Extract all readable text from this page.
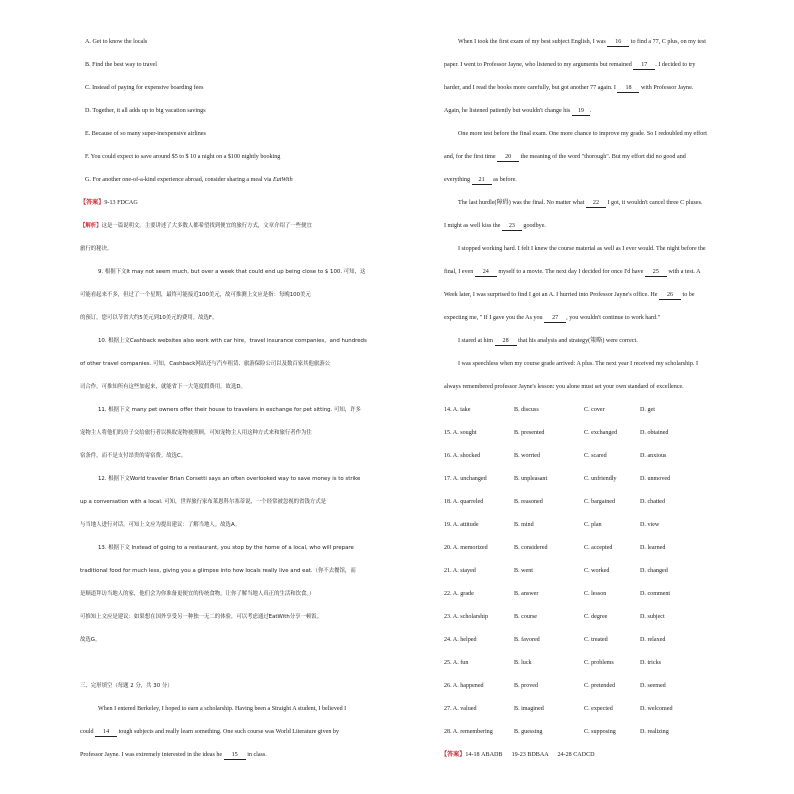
A. Get to know the locals
B. Find the best way to travel
C. Instead of paying for expensive boarding fees
D. Together, it all adds up to big vacation savings
E. Because of so many super-inexpensive airlines
F. You could expect to save around $5 to $ 10 a night on a $100 nightly booking
G. For another one-of-a-kind experience abroad, consider sharing a meal via EatWith
【答案】9-13 FDCAG
【解析】这是一篇说明文。主要讲述了大多数人都希望找到便宜的旅行方式，文章介绍了一些便宜
旅行的秘诀。
9. 根据下文It may not seem much, but over a week that could end up being close to $ 100. 可知，这
可能看起来不多，但过了一个星期，最终可能接近100美元，故可推测上文应是指：每晚100美元
的预订，您可以节省大约5美元到10美元的费用。故选F。
10. 根据上文Cashback websites also work with car hire，travel insurance companies，and hundreds
of other travel companies. 可知，Cashback网站还与汽车租赁、旅游保险公司以及数百家其他旅游公
司合作，可推知所有这些加起来，就能省下一大笔度假费用。故选D。
11. 根据下文 many pet owners offer their house to travelers in exchange for pet sitting. 可知，许多
宠物主人将他们的房子交给旅行者以换取宠物被照顾，可知宠物主人用这种方式来和旅行者作为住
宿条件，而不是支付昂贵的寄宿费。故选C。
12. 根据下文World traveler Brian Corsetti says an often overlooked way to save money is to strike
up a conversation with a local. 可知，世界旅行家布莱恩科尔塞蒂说，一个经常被忽视的省钱方式是
与当地人进行对话。可知上文应为提出建议：了解当地人。故选A。
13. 根据下文 Instead of going to a restaurant, you stop by the home of a local, who will prepare
traditional food for much less, giving you a glimpse into how locals really live and eat.（你不去餐馆，而
是顺道拜访当地人的家，他们会为你准备更便宜的传统食物，让你了解当地人真正的生活和饮食。）
可推知上文应是建议：如果想在国外享受另一种独一无二的体验，可以考虑通过EatWith分享一顿饭。
故选G。
三、完形填空（每题 2 分，共 30 分）
When I entered Berkeley, I hoped to earn a scholarship. Having been a Straight A student, I believed I
could 14 tough subjects and really learn something. One such course was World Literature given by
Professor Jayne. I was extremely interested in the ideas he 15 in class.
When I took the first exam of my best subject English, I was 16 to find a 77, C plus, on my test
paper. I went to Professor Jayne, who listened to my arguments but remained 17 . I decided to try
harder, and I read the books more carefully, but got another 77 again. I 18 with Professor Jayne.
Again, he listened patiently but wouldn't change his 19 .
One more test before the final exam. One more chance to improve my grade. So I redoubled my effort
and, for the first time 20 the meaning of the word "thorough". But my effort did no good and
everything 21 as before.
The last hurdle(障碍) was the final. No matter what 22 I got, it wouldn't cancel three C pluses.
I might as well kiss the 23 goodbye.
I stopped working hard. I felt I knew the course material as well as I ever would. The night before the
final, I even 24 myself to a movie. The next day I decided for once I'd have 25 with a test. A
Week later, I was surprised to find I got an A. I hurried into Professor Jayne's office. He 26 to be
expecting me, " If I gave you the As you 27 , you wouldn't continue to work hard."
I stared at him 28 that his analysis and strategy(策略) were correct.
I was speechless when my course grade arrived: A plus. The next year I received my scholarship. I
always remembered professor Jayne's lesson: you alone must set your own standard of excellence.
14. A. take	B. discuss	C. cover	D. get
15. A. sought	B. presented	C. exchanged	D. obtained
16. A. shocked	B. worried	C. scared	D. anxious
17. A. unchanged	B. unpleasant	C. unfriendly	D. unmoved
18. A. quarreled	B. reasoned	C. bargained	D. chatted
19. A. attitude	B. mind	C. plan	D. view
20. A. memorized	B. considered	C. accepted	D. learned
21. A. stayed	B. went	C. worked	D. changed
22. A. grade	B. answer	C. lesson	D. comment
23. A. scholarship	B. course	C. degree	D. subject
24. A. helped	B. favored	C. treated	D. relaxed
25. A. fun	B. luck	C. problems	D. tricks
26. A. happened	B. proved	C. pretended	D. seemed
27. A. valued	B. imagined	C. expected	D. welcomed
28. A. remembering	B. guessing	C. supposing	D. realizing
【答案】14-18 ABADB      19-23 BDBAA      24-28 CADCD
